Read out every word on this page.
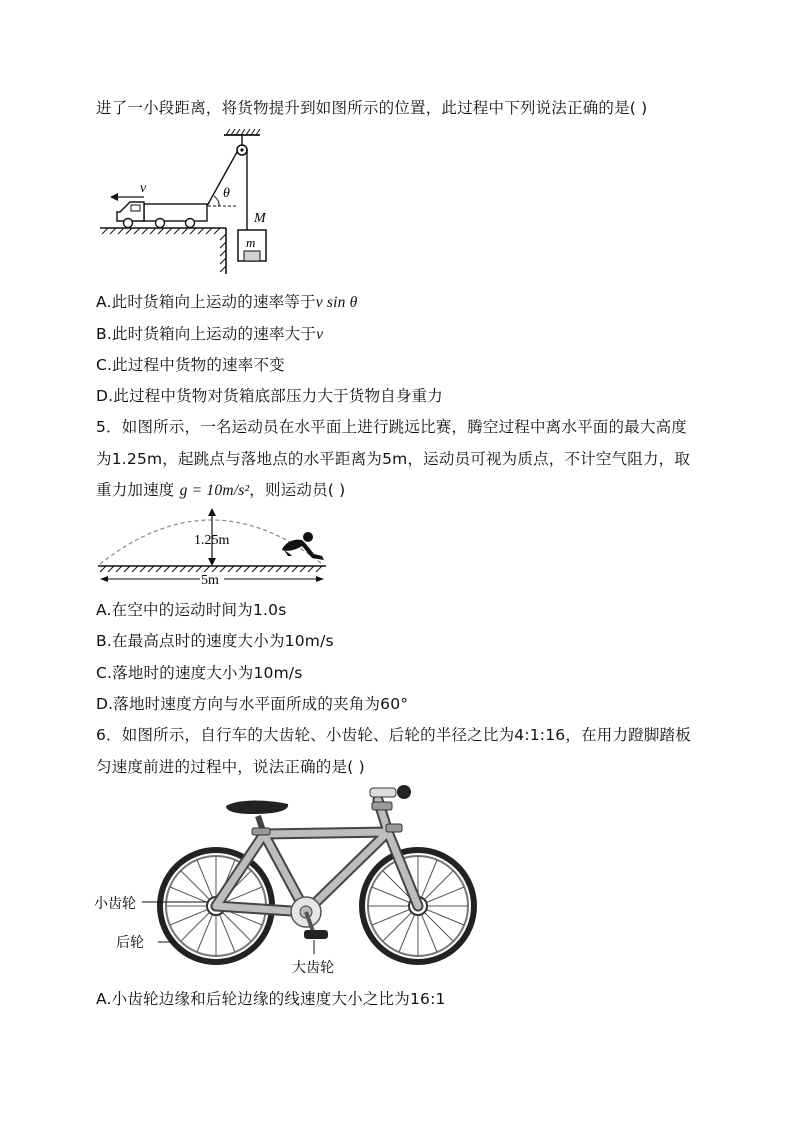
进了一小段距离，将货物提升到如图所示的位置，此过程中下列说法正确的是( )
θ
v
M
m
A.此时货箱向上运动的速率等于v sin θ
B.此时货箱向上运动的速率大于v
C.此过程中货物的速率不变
D.此过程中货物对货箱底部压力大于货物自身重力
5．如图所示，一名运动员在水平面上进行跳远比赛，腾空过程中离水平面的最大高度
为1.25m，起跳点与落地点的水平距离为5m，运动员可视为质点，不计空气阻力，取
重力加速度 g = 10m/s²，则运动员( )
1.25m
5m
A.在空中的运动时间为1.0s
B.在最高点时的速度大小为10m/s
C.落地时的速度大小为10m/s
D.落地时速度方向与水平面所成的夹角为60°
6．如图所示，自行车的大齿轮、小齿轮、后轮的半径之比为4:1:16，在用力蹬脚踏板
匀速度前进的过程中，说法正确的是( )
小齿轮
后轮
大齿轮
A.小齿轮边缘和后轮边缘的线速度大小之比为16:1
